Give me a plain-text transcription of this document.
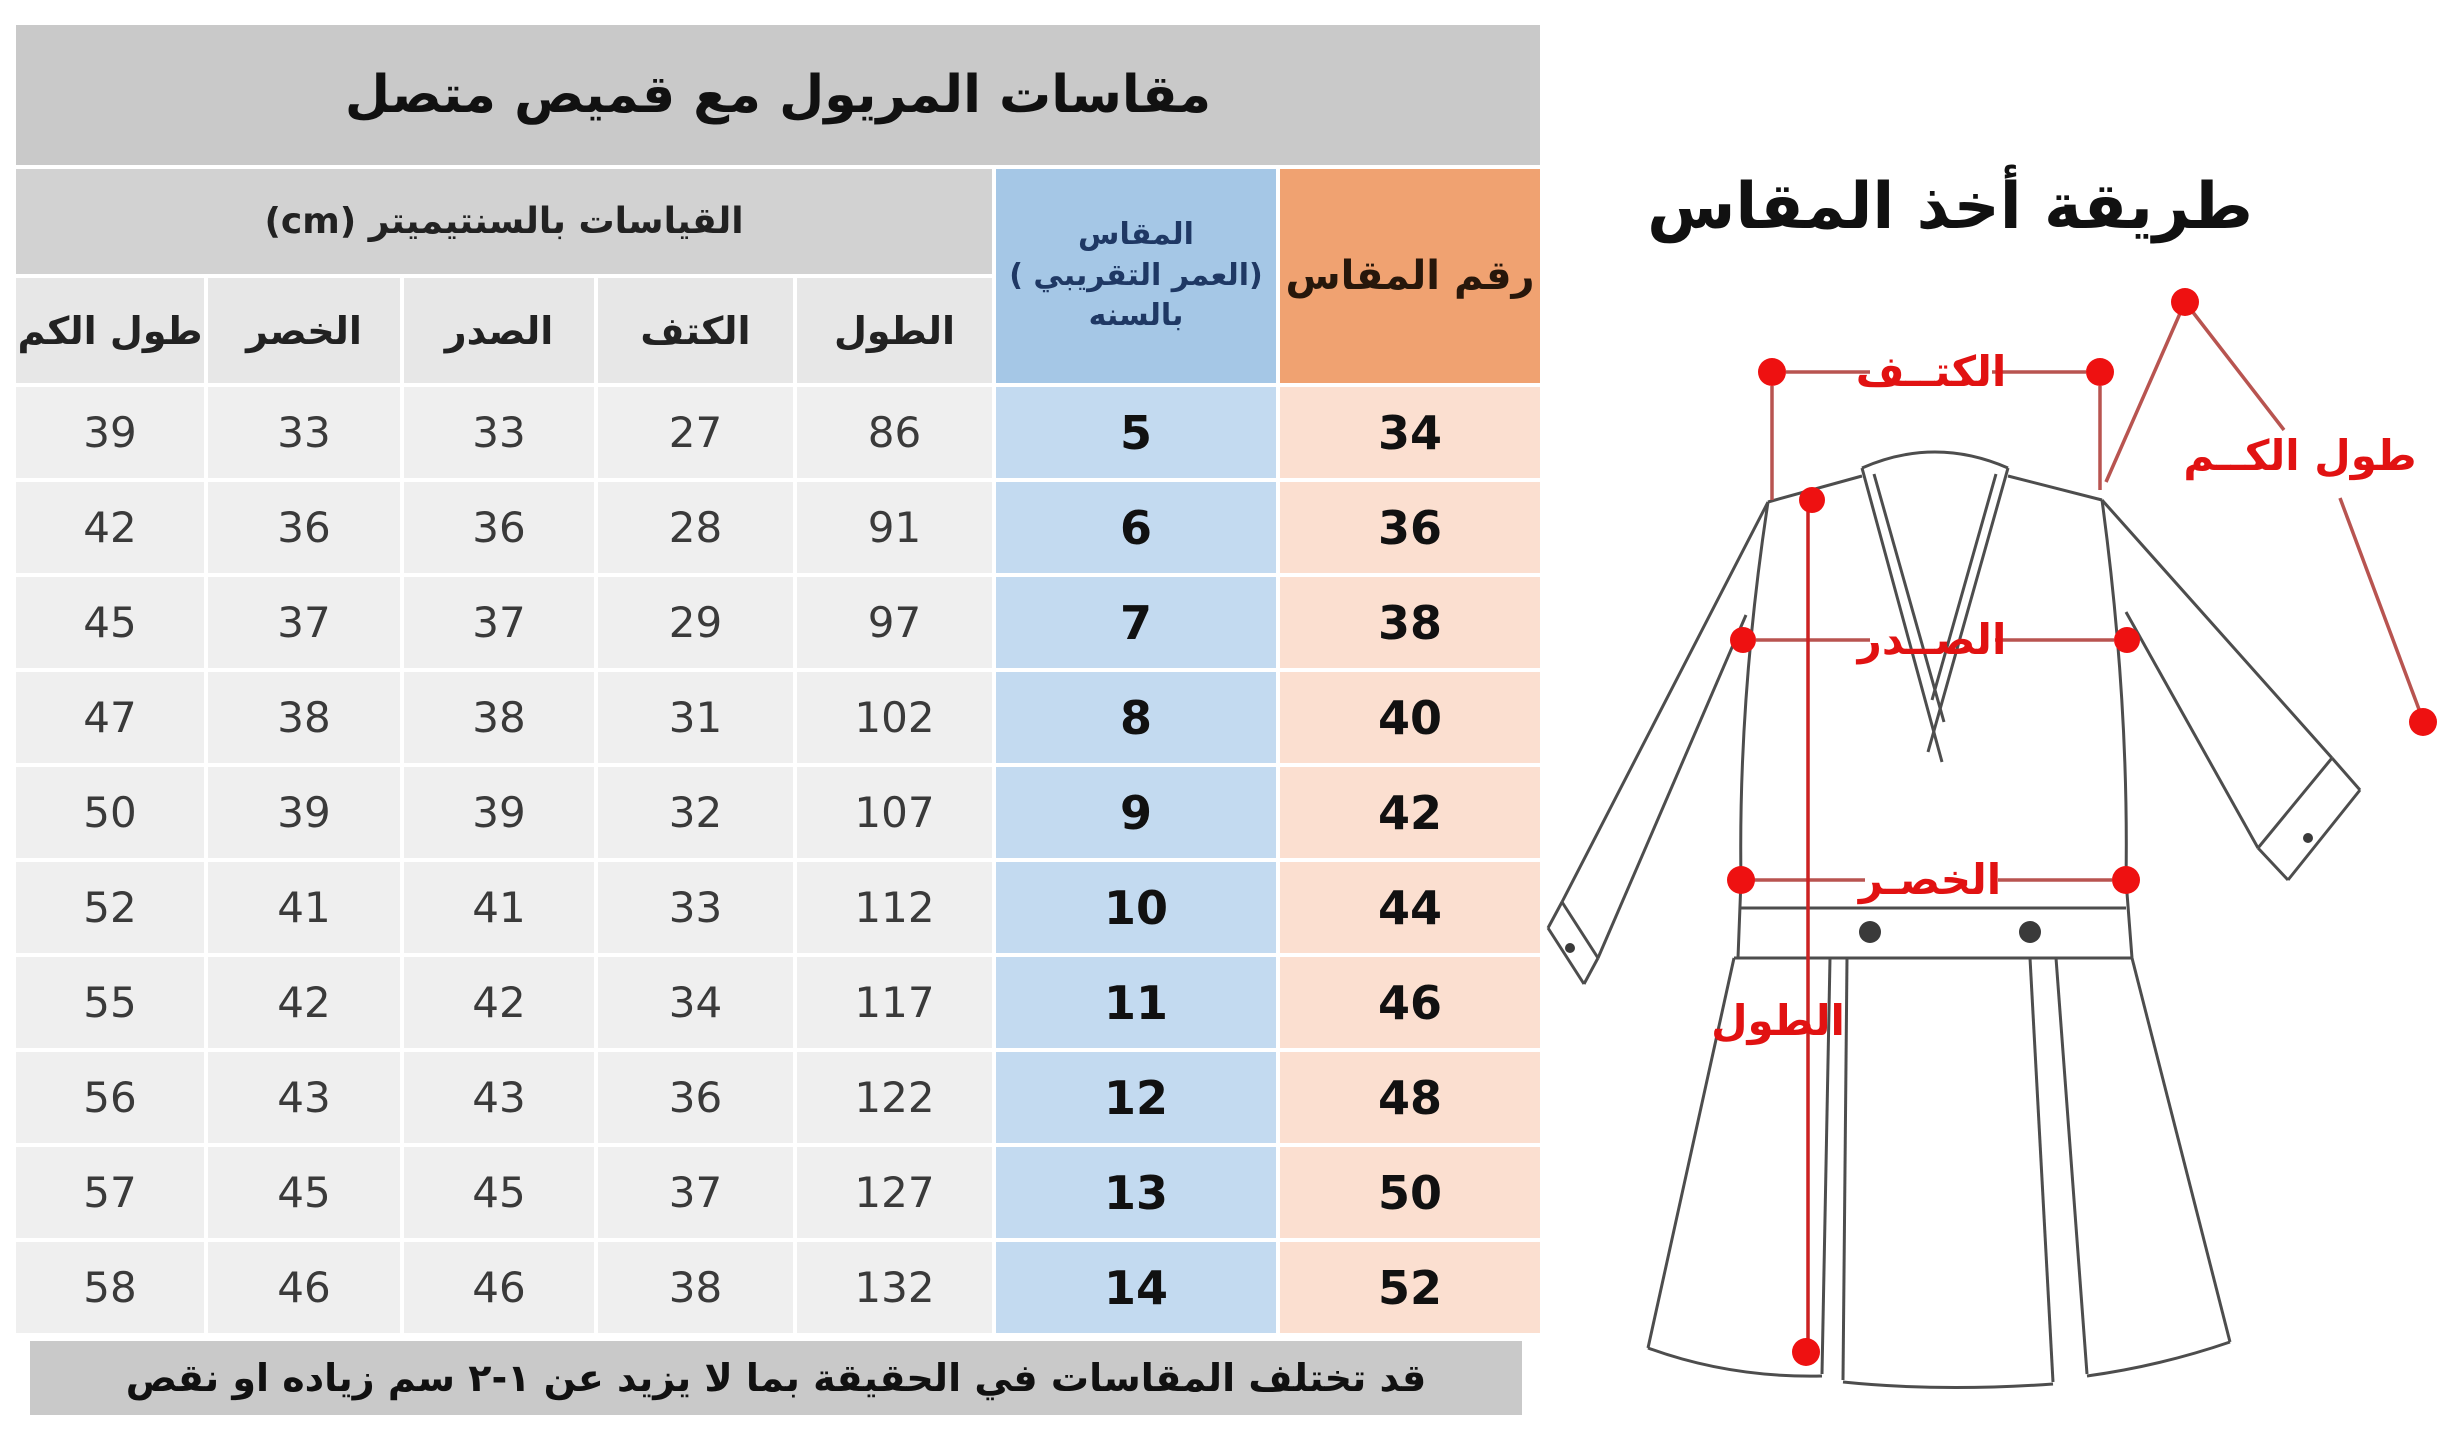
مقاسات المريول مع قميص متصل
رقم المقاس
المقاس
(العمر التقريبي )
بالسنه
القياسات بالسنتيميتر (cm)
الطول
الكتف
الصدر
الخصر
طول الكم
34
5
86
27
33
33
39
36
6
91
28
36
36
42
38
7
97
29
37
37
45
40
8
102
31
38
38
47
42
9
107
32
39
39
50
44
10
112
33
41
41
52
46
11
117
34
42
42
55
48
12
122
36
43
43
56
50
13
127
37
45
45
57
52
14
132
38
46
46
58
قد تختلف المقاسات في الحقيقة بما لا يزيد عن ١-٢ سم زياده او نقص
طريقة أخذ المقاس
الكتــف
طول الكــم
الصــدر
الخصـر
الطول
